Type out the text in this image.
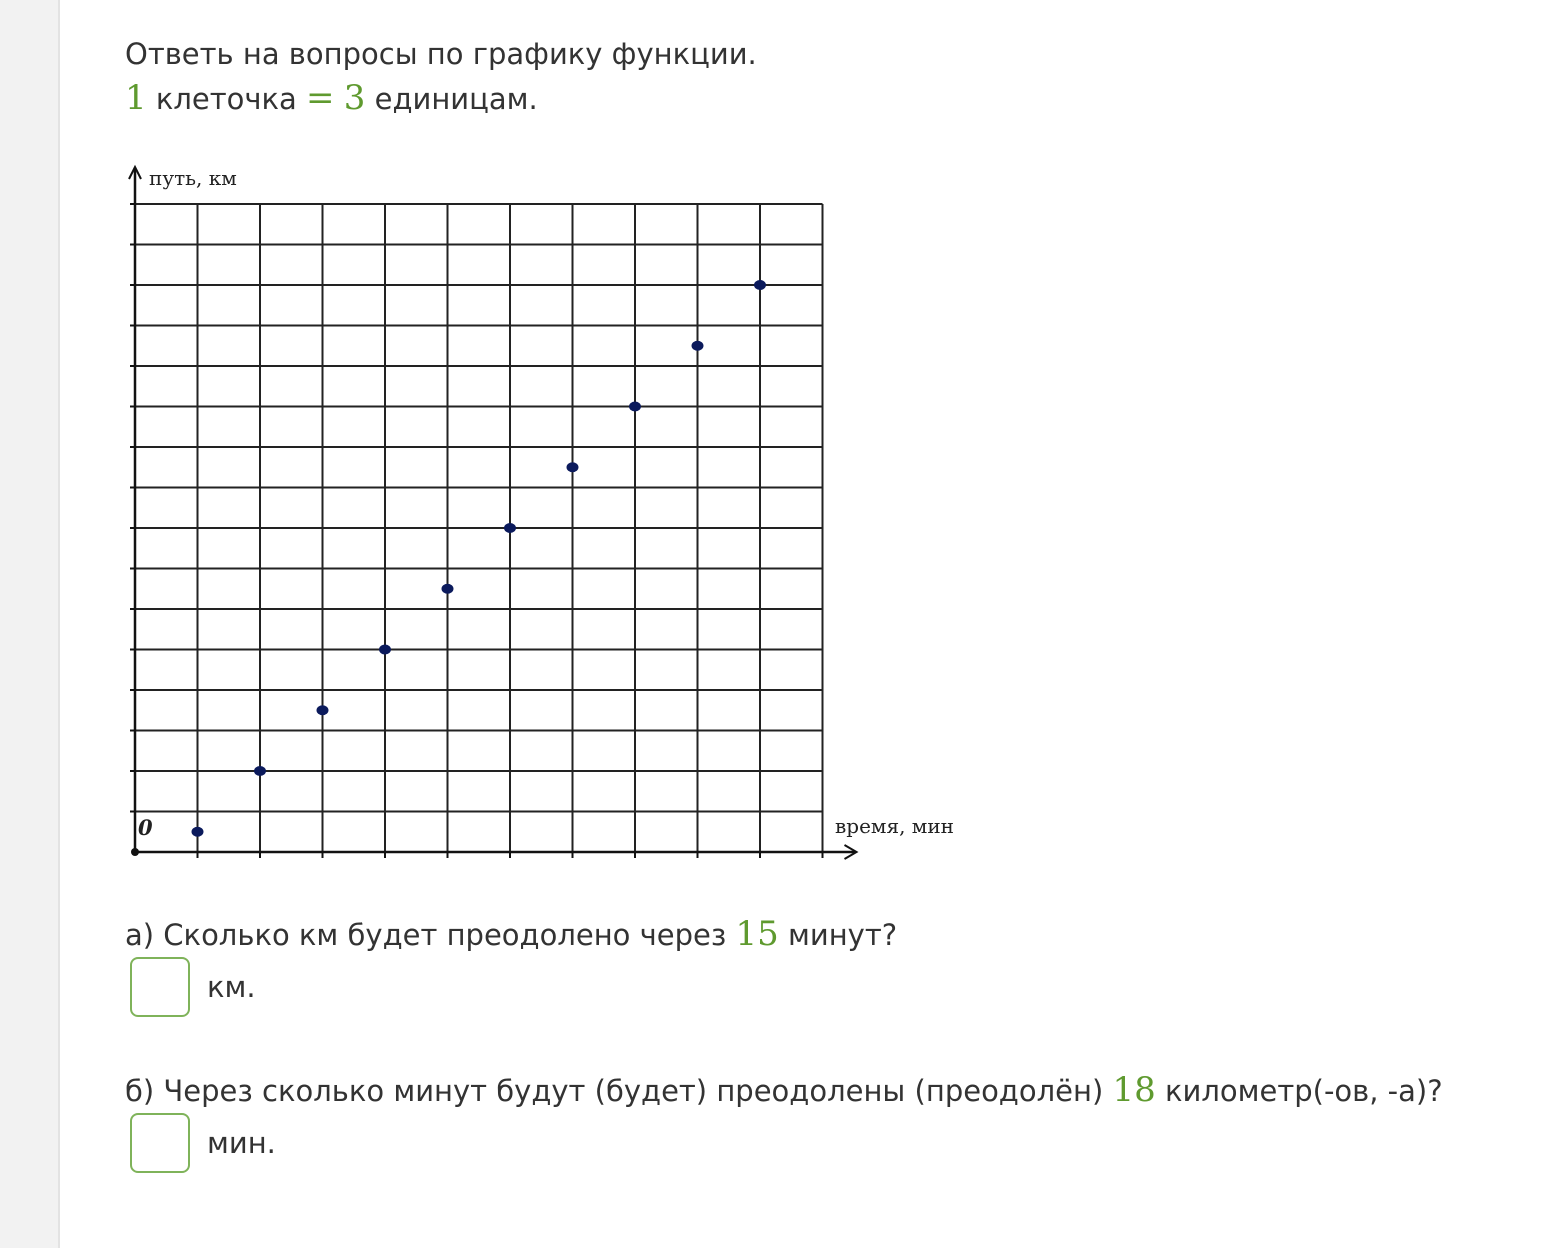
Ответь на вопросы по графику функции.
1 клеточка = 3 единицам.
а) Сколько км будет преодолено через 15 минут?
км.
б) Через сколько минут будут (будет) преодолены (преодолён) 18 километр(-ов, -а)?
мин.
путь, км
время, мин
0
